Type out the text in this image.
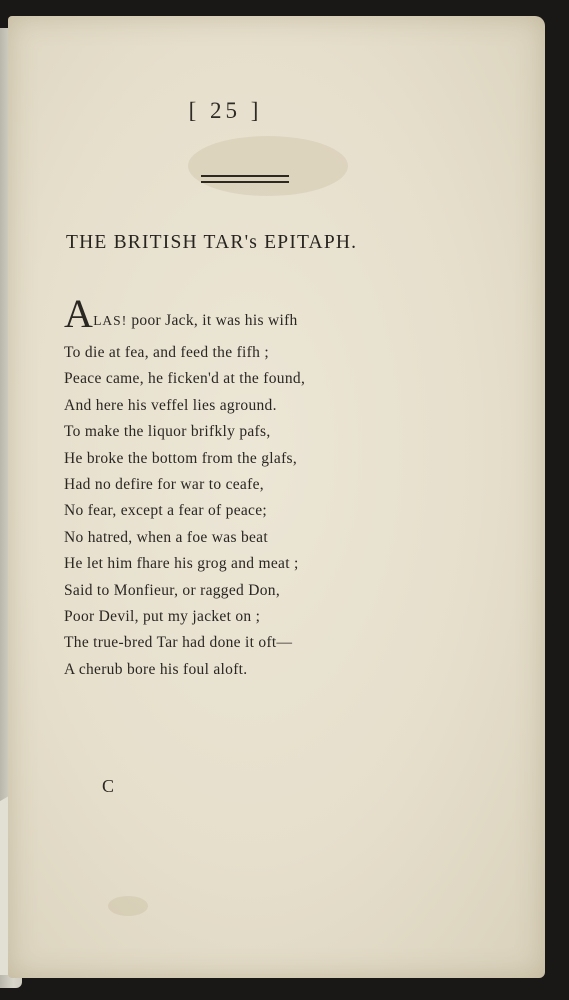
[ 25 ]
THE BRITISH TAR's EPITAPH.
ALAS! poor Jack, it was his wifh
To die at fea, and feed the fifh ;
Peace came, he ficken'd at the found,
And here his veffel lies aground.
To make the liquor brifkly pafs,
He broke the bottom from the glafs,
Had no defire for war to ceafe,
No fear, except a fear of peace;
No hatred, when a foe was beat
He let him fhare his grog and meat ;
Said to Monfieur, or ragged Don,
Poor Devil, put my jacket on ;
The true-bred Tar had done it oft—
A cherub bore his foul aloft.
C
